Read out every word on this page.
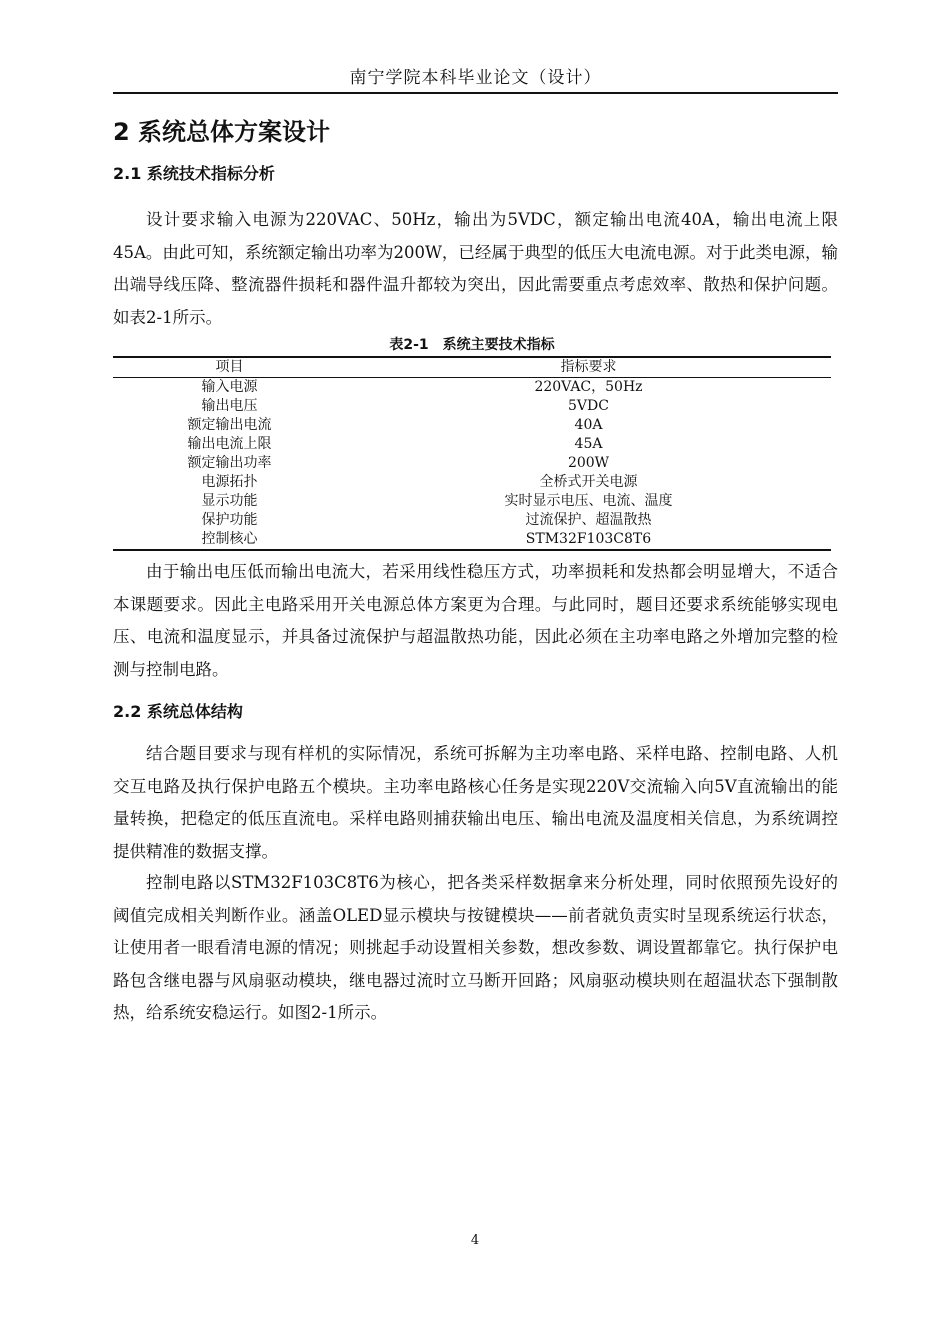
南宁学院本科毕业论文（设计）
2 系统总体方案设计
2.1 系统技术指标分析

设计要求输入电源为220VAC、50Hz，输出为5VDC，额定输出电流40A，输出电流上限45A。由此可知，系统额定输出功率为200W，已经属于典型的低压大电流电源。对于此类电源，输出端导线压降、整流器件损耗和器件温升都较为突出，因此需要重点考虑效率、散热和保护问题。如表2-1所示。

表2-1　系统主要技术指标
项目	指标要求
输入电源	220VAC，50Hz
输出电压	5VDC
额定输出电流	40A
输出电流上限	45A
额定输出功率	200W
电源拓扑	全桥式开关电源
显示功能	实时显示电压、电流、温度
保护功能	过流保护、超温散热
控制核心	STM32F103C8T6

由于输出电压低而输出电流大，若采用线性稳压方式，功率损耗和发热都会明显增大，不适合本课题要求。因此主电路采用开关电源总体方案更为合理。与此同时，题目还要求系统能够实现电压、电流和温度显示，并具备过流保护与超温散热功能，因此必须在主功率电路之外增加完整的检测与控制电路。

2.2 系统总体结构

结合题目要求与现有样机的实际情况，系统可拆解为主功率电路、采样电路、控制电路、人机交互电路及执行保护电路五个模块。主功率电路核心任务是实现220V交流输入向5V直流输出的能量转换，把稳定的低压直流电。采样电路则捕获输出电压、输出电流及温度相关信息，为系统调控提供精准的数据支撑。

控制电路以STM32F103C8T6为核心，把各类采样数据拿来分析处理，同时依照预先设好的阈值完成相关判断作业。涵盖OLED显示模块与按键模块——前者就负责实时呈现系统运行状态，让使用者一眼看清电源的情况；则挑起手动设置相关参数，想改参数、调设置都靠它。执行保护电路包含继电器与风扇驱动模块，继电器过流时立马断开回路；风扇驱动模块则在超温状态下强制散热，给系统安稳运行。如图2-1所示。

4
